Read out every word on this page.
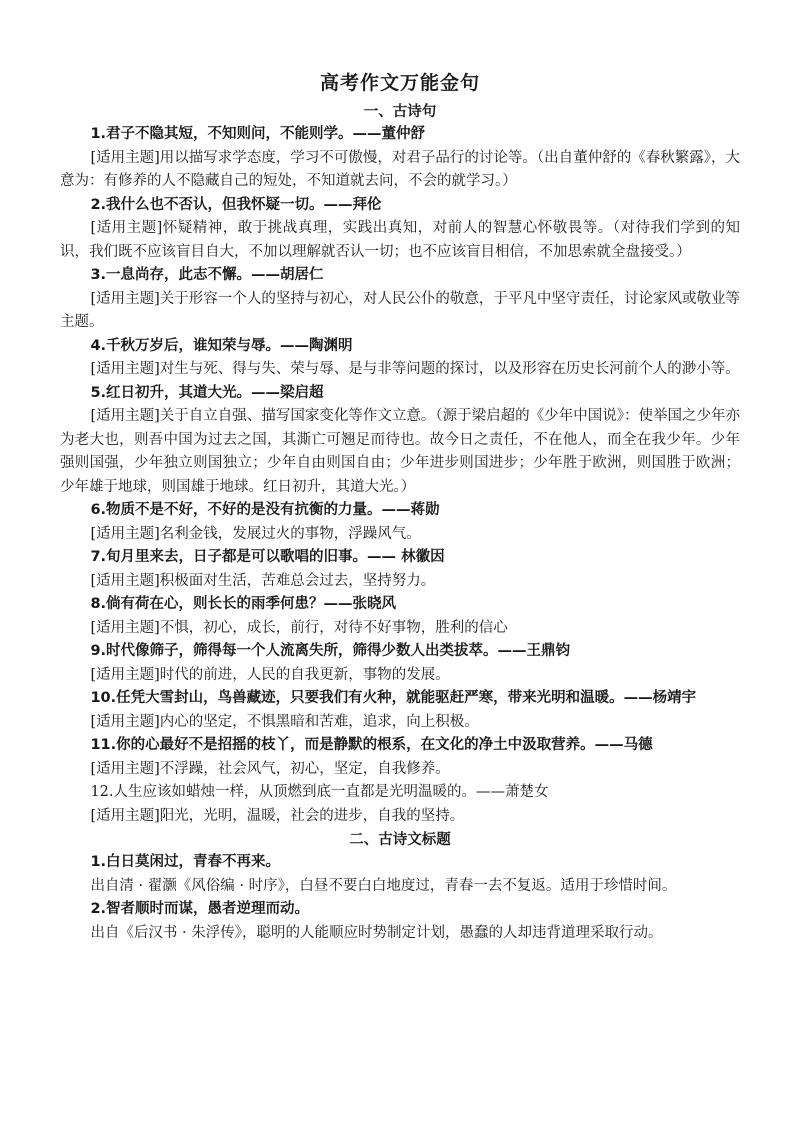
高考作文万能金句
一、古诗句

1.君子不隐其短，不知则问，不能则学。——董仲舒

[适用主题]用以描写求学态度，学习不可傲慢，对君子品行的讨论等。（出自董仲舒的《春秋繁露》，大意为：有修养的人不隐藏自己的短处，不知道就去问，不会的就学习。）

2.我什么也不否认，但我怀疑一切。——拜伦

[适用主题]怀疑精神，敢于挑战真理，实践出真知，对前人的智慧心怀敬畏等。（对待我们学到的知识，我们既不应该盲目自大，不加以理解就否认一切；也不应该盲目相信，不加思索就全盘接受。）

3.一息尚存，此志不懈。——胡居仁

[适用主题]关于形容一个人的坚持与初心，对人民公仆的敬意，于平凡中坚守责任，讨论家风或敬业等主题。

4.千秋万岁后，谁知荣与辱。——陶渊明

[适用主题]对生与死、得与失、荣与辱、是与非等问题的探讨，以及形容在历史长河前个人的渺小等。

5.红日初升，其道大光。——梁启超

[适用主题]关于自立自强、描写国家变化等作文立意。（源于梁启超的《少年中国说》：使举国之少年亦为老大也，则吾中国为过去之国，其澌亡可翘足而待也。故今日之责任，不在他人，而全在我少年。少年强则国强，少年独立则国独立；少年自由则国自由；少年进步则国进步；少年胜于欧洲，则国胜于欧洲；少年雄于地球，则国雄于地球。红日初升，其道大光。）

6.物质不是不好，不好的是没有抗衡的力量。——蒋勋

[适用主题]名利金钱，发展过火的事物，浮躁风气。

7.旬月里来去，日子都是可以歌唱的旧事。—— 林徽因

[适用主题]积极面对生活，苦难总会过去，坚持努力。

8.倘有荷在心，则长长的雨季何患？——张晓风

[适用主题]不惧，初心，成长，前行，对待不好事物，胜利的信心

9.时代像筛子，筛得每一个人流离失所，筛得少数人出类拔萃。——王鼎钧

[适用主题]时代的前进，人民的自我更新，事物的发展。

10.任凭大雪封山，鸟兽藏迹，只要我们有火种，就能驱赶严寒，带来光明和温暖。——杨靖宇

[适用主题]内心的坚定，不惧黑暗和苦难，追求，向上积极。

11.你的心最好不是招摇的枝丫，而是静默的根系，在文化的净土中汲取营养。——马德

[适用主题]不浮躁，社会风气，初心，坚定，自我修养。

12.人生应该如蜡烛一样，从顶燃到底一直都是光明温暖的。——萧楚女

[适用主题]阳光，光明，温暖，社会的进步，自我的坚持。

二、古诗文标题

1.白日莫闲过，青春不再来。

出自清 · 翟灏《风俗编 · 时序》，白昼不要白白地度过，青春一去不复返。适用于珍惜时间。

2.智者顺时而谋，愚者逆理而动。

出自《后汉书 · 朱浮传》，聪明的人能顺应时势制定计划，愚蠢的人却违背道理采取行动。
